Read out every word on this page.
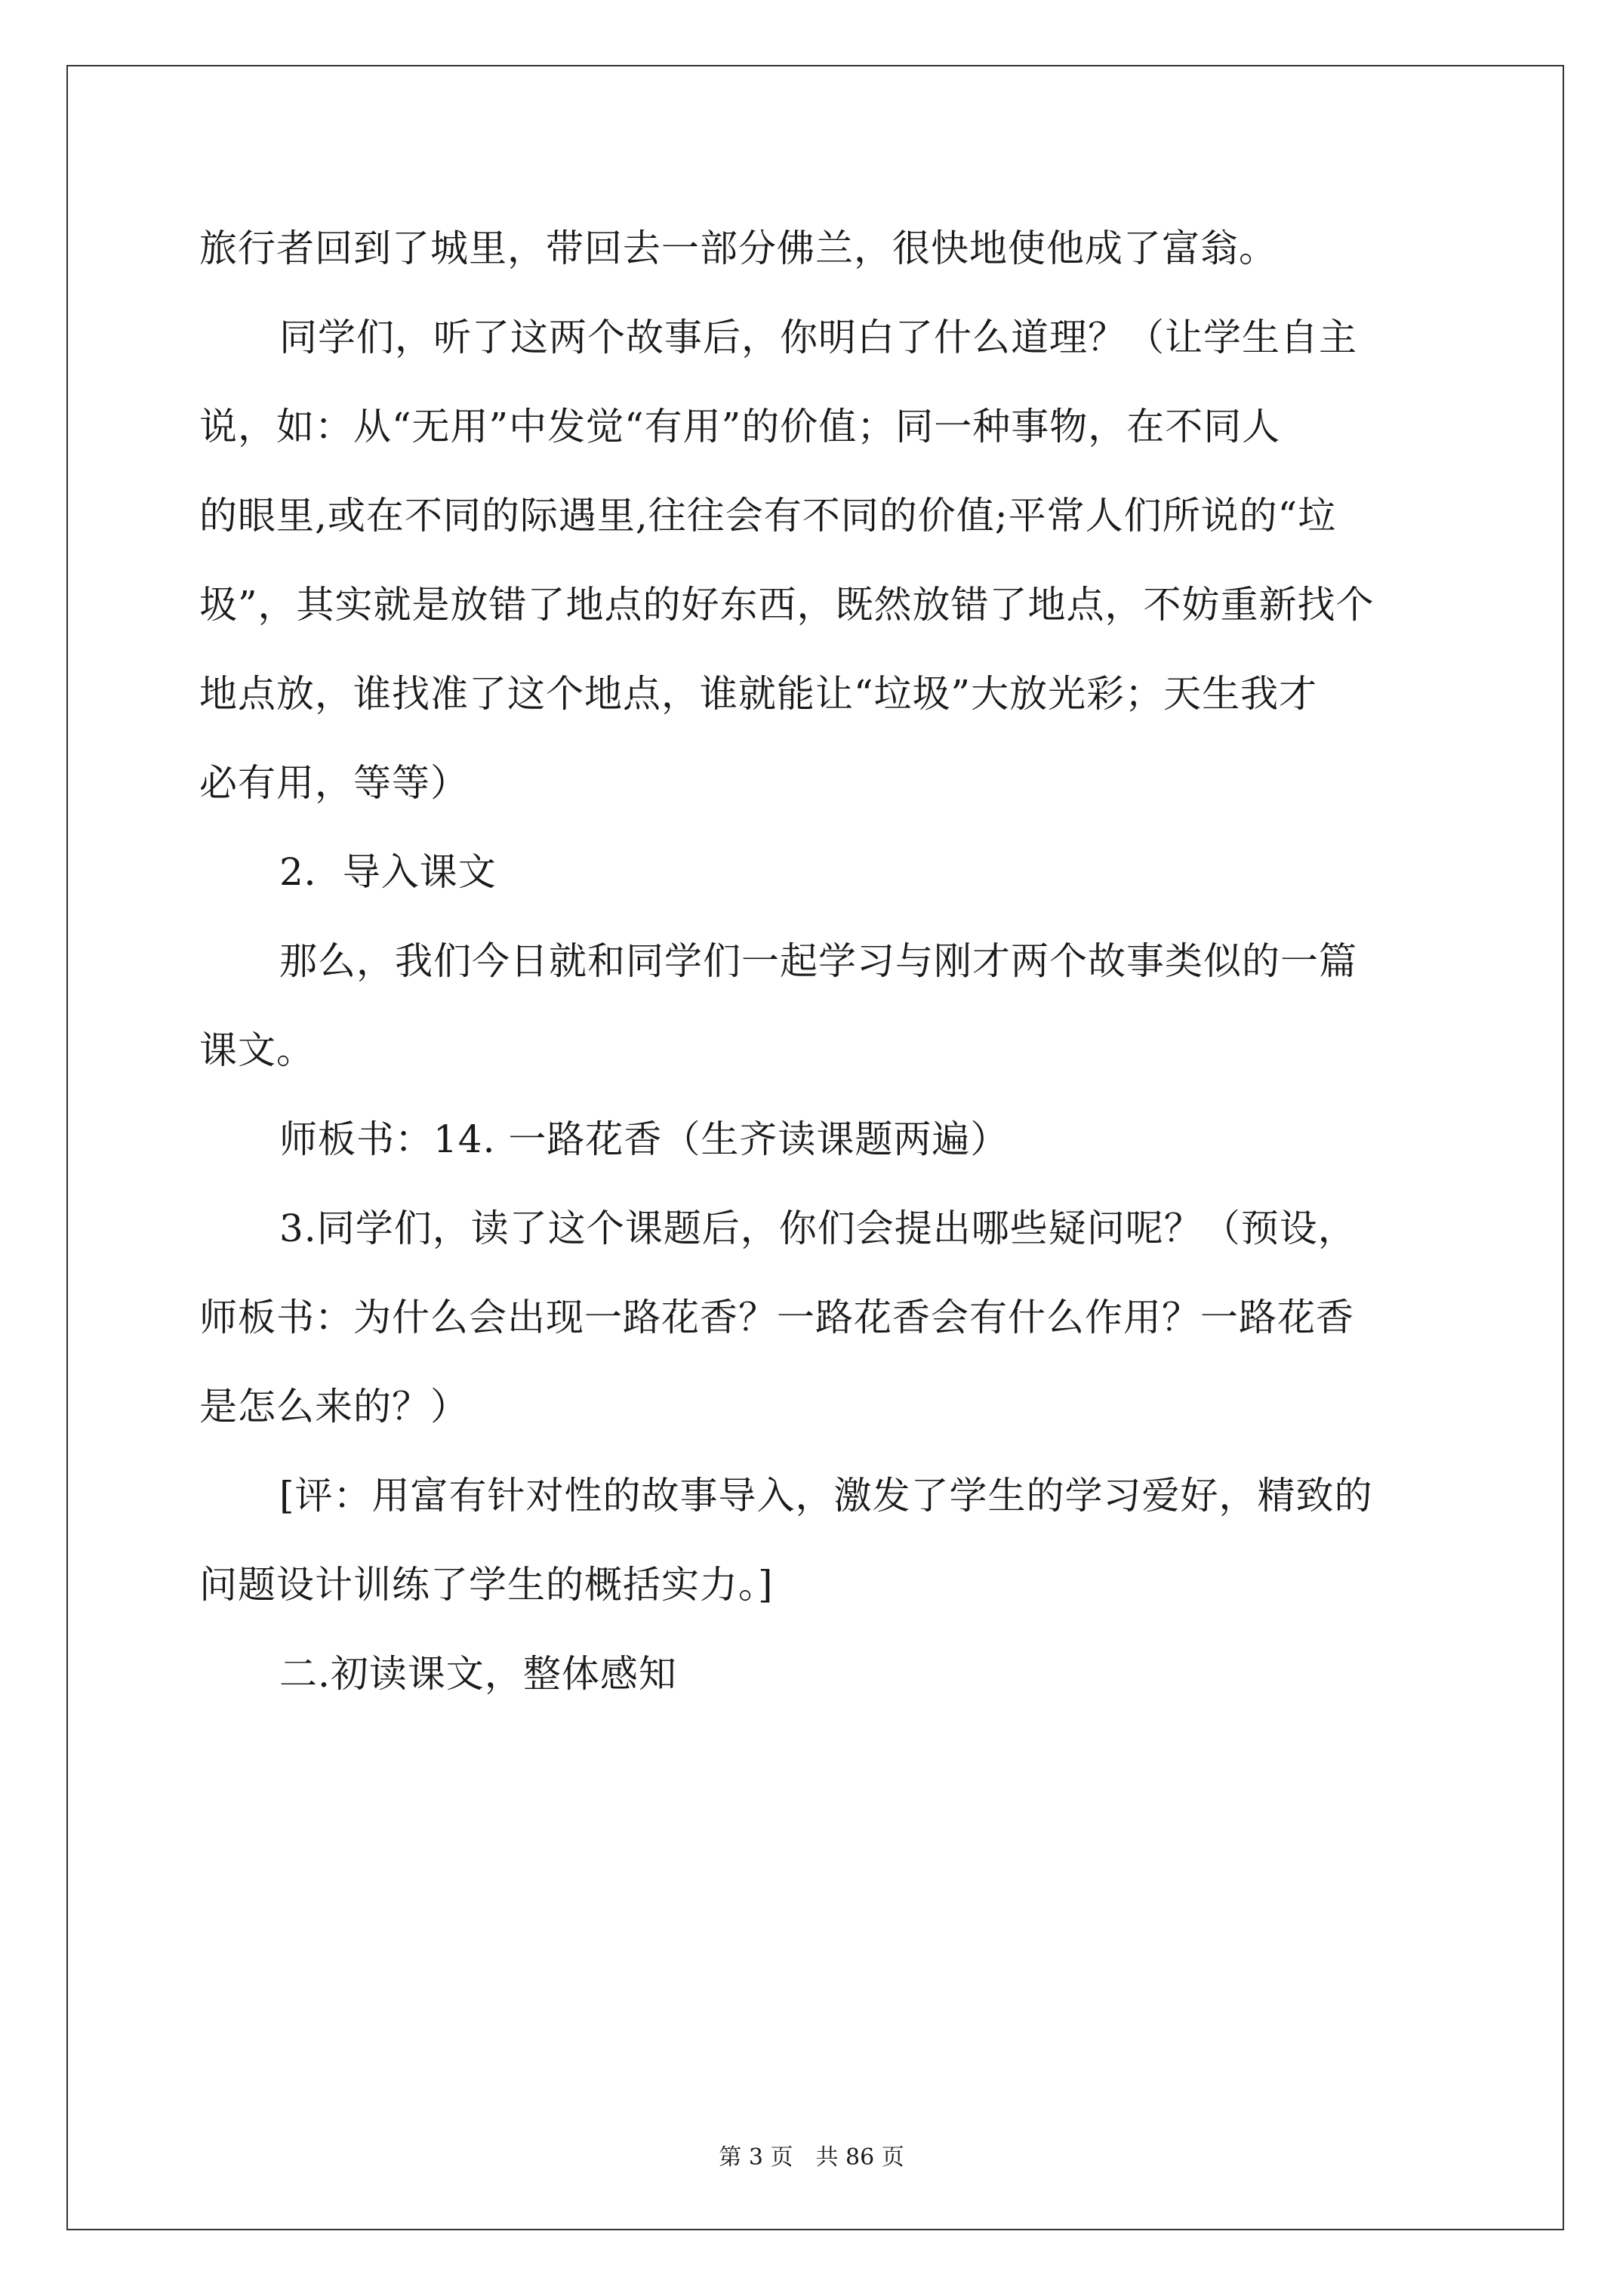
旅行者回到了城里，带回去一部分佛兰，很快地使他成了富翁。
同学们，听了这两个故事后，你明白了什么道理？（让学生自主
说，如：从“无用”中发觉“有用”的价值；同一种事物，在不同人
的眼里,或在不同的际遇里,往往会有不同的价值;平常人们所说的“垃
圾”，其实就是放错了地点的好东西，既然放错了地点，不妨重新找个
地点放，谁找准了这个地点，谁就能让“垃圾”大放光彩；天生我才
必有用，等等）
2．导入课文
那么，我们今日就和同学们一起学习与刚才两个故事类似的一篇
课文。
师板书：14. 一路花香（生齐读课题两遍）
3.同学们，读了这个课题后，你们会提出哪些疑问呢？（预设，
师板书：为什么会出现一路花香？一路花香会有什么作用？一路花香
是怎么来的？）
[评：用富有针对性的故事导入，激发了学生的学习爱好，精致的
问题设计训练了学生的概括实力。]
二.初读课文，整体感知
第 3 页　共 86 页
